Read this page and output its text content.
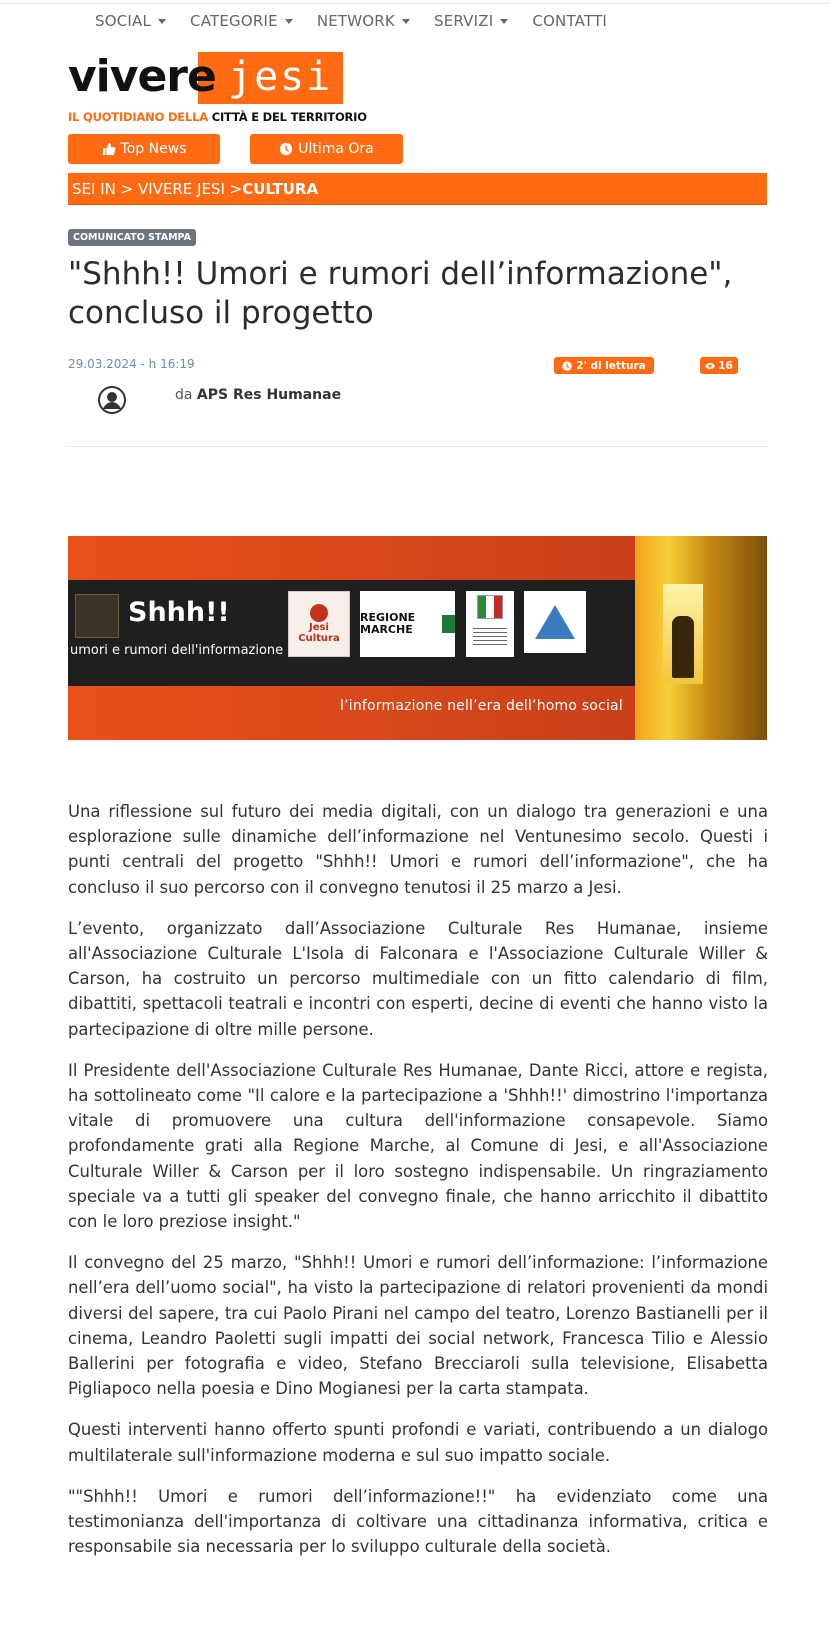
SOCIAL	CATEGORIE	NETWORK	SERVIZI	CONTATTI
vivere jesi
IL QUOTIDIANO DELLA CITTÀ E DEL TERRITORIO
Top News	Ultima Ora
SEI IN > VIVERE JESI > CULTURA
COMUNICATO STAMPA
"Shhh!! Umori e rumori dell’informazione", concluso il progetto
29.03.2024 - h 16:19	2' di lettura	16
da APS Res Humanae
Shhh!!
umori e rumori dell'informazione
Jesi Cultura
REGIONE MARCHE
l’informazione nell’era dell’homo social

Una riflessione sul futuro dei media digitali, con un dialogo tra generazioni e una esplorazione sulle dinamiche dell’informazione nel Ventunesimo secolo. Questi i punti centrali del progetto "Shhh!! Umori e rumori dell’informazione", che ha concluso il suo percorso con il convegno tenutosi il 25 marzo a Jesi.

L’evento, organizzato dall’Associazione Culturale Res Humanae, insieme all'Associazione Culturale L'Isola di Falconara e l'Associazione Culturale Willer & Carson, ha costruito un percorso multimediale con un fitto calendario di film, dibattiti, spettacoli teatrali e incontri con esperti, decine di eventi che hanno visto la partecipazione di oltre mille persone.

Il Presidente dell'Associazione Culturale Res Humanae, Dante Ricci, attore e regista, ha sottolineato come "Il calore e la partecipazione a 'Shhh!!' dimostrino l'importanza vitale di promuovere una cultura dell'informazione consapevole. Siamo profondamente grati alla Regione Marche, al Comune di Jesi, e all'Associazione Culturale Willer & Carson per il loro sostegno indispensabile. Un ringraziamento speciale va a tutti gli speaker del convegno finale, che hanno arricchito il dibattito con le loro preziose insight."

Il convegno del 25 marzo, "Shhh!! Umori e rumori dell’informazione: l’informazione nell’era dell’uomo social", ha visto la partecipazione di relatori provenienti da mondi diversi del sapere, tra cui Paolo Pirani nel campo del teatro, Lorenzo Bastianelli per il cinema, Leandro Paoletti sugli impatti dei social network, Francesca Tilio e Alessio Ballerini per fotografia e video, Stefano Brecciaroli sulla televisione, Elisabetta Pigliapoco nella poesia e Dino Mogianesi per la carta stampata.

Questi interventi hanno offerto spunti profondi e variati, contribuendo a un dialogo multilaterale sull'informazione moderna e sul suo impatto sociale.

""Shhh!! Umori e rumori dell’informazione!!" ha evidenziato come una testimonianza dell'importanza di coltivare una cittadinanza informativa, critica e responsabile sia necessaria per lo sviluppo culturale della società.
